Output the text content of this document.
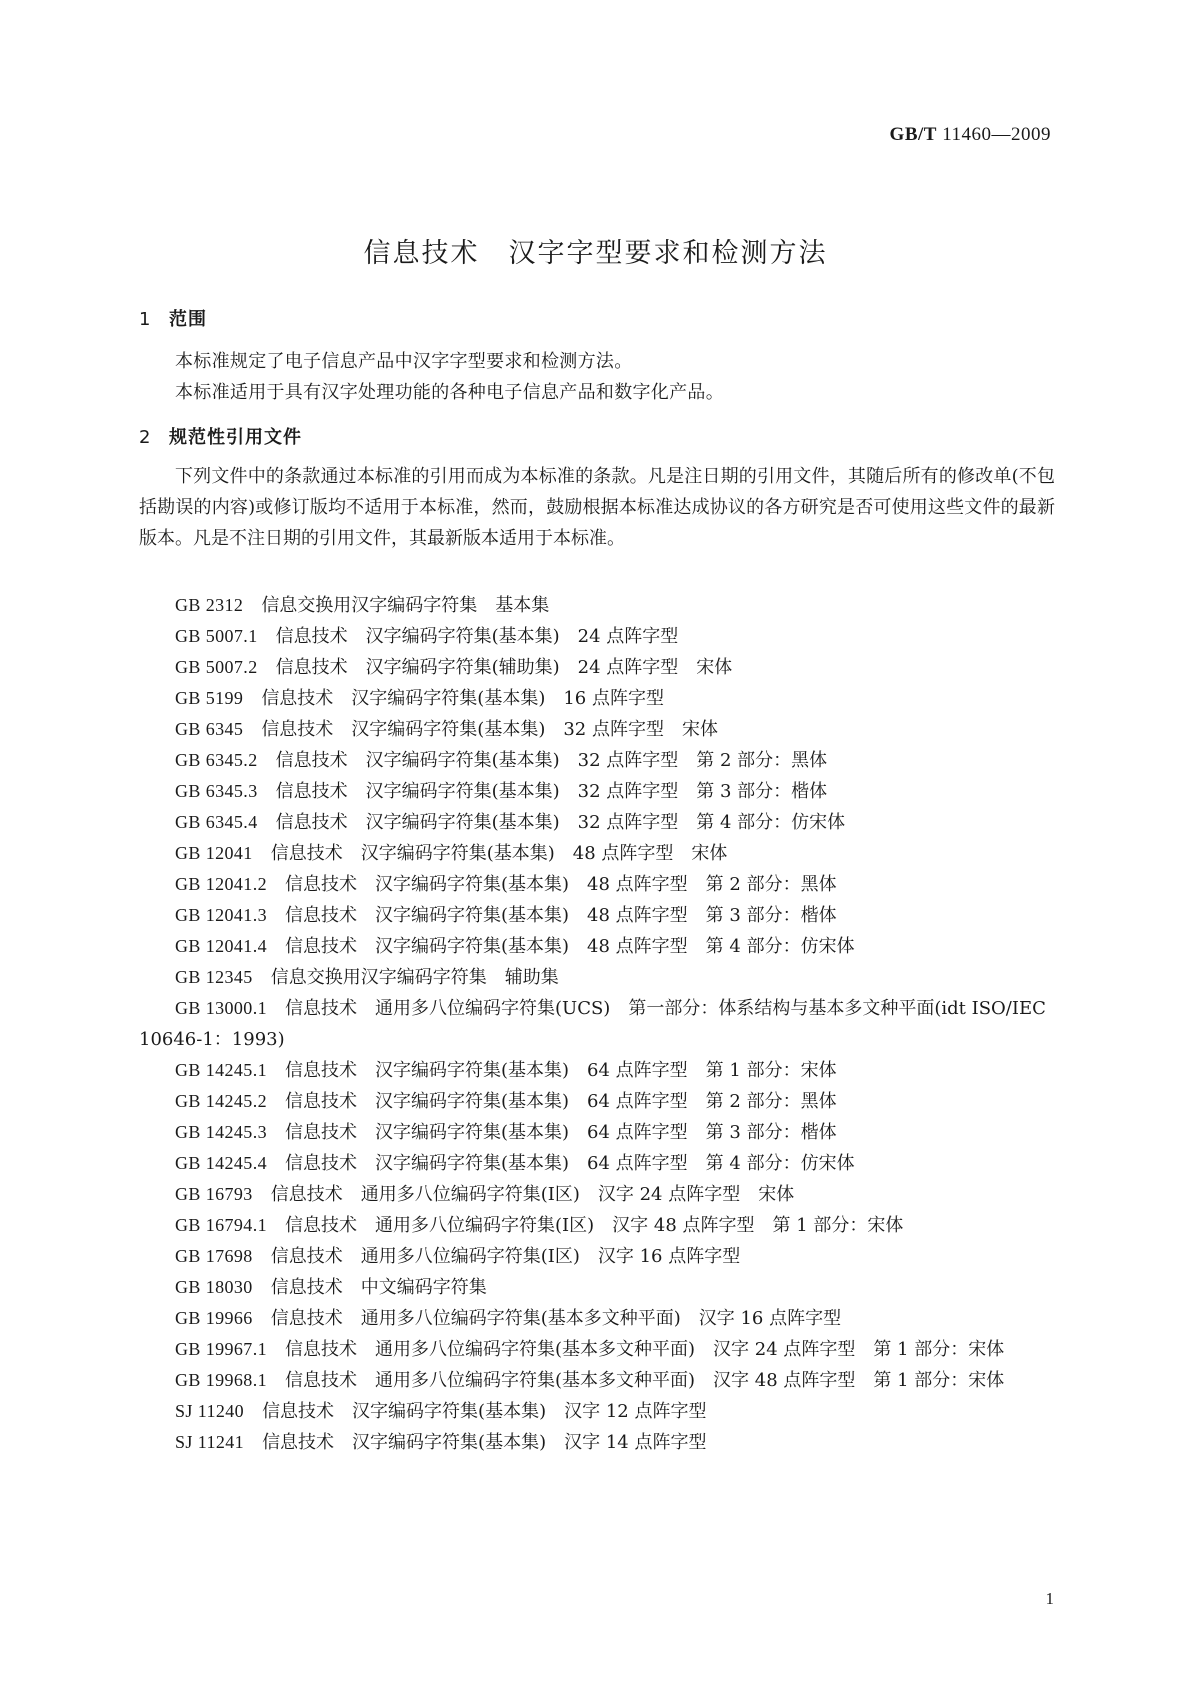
GB/T 11460—2009
信息技术　汉字字型要求和检测方法
1 范围
本标准规定了电子信息产品中汉字字型要求和检测方法。
本标准适用于具有汉字处理功能的各种电子信息产品和数字化产品。
2 规范性引用文件
下列文件中的条款通过本标准的引用而成为本标准的条款。凡是注日期的引用文件，其随后所有的修改单(不包括勘误的内容)或修订版均不适用于本标准，然而，鼓励根据本标准达成协议的各方研究是否可使用这些文件的最新版本。凡是不注日期的引用文件，其最新版本适用于本标准。
GB 2312　 信息交换用汉字编码字符集　基本集
GB 5007.1　 信息技术　汉字编码字符集(基本集)　24 点阵字型
GB 5007.2　 信息技术　汉字编码字符集(辅助集)　24 点阵字型　宋体
GB 5199　 信息技术　汉字编码字符集(基本集)　16 点阵字型
GB 6345　 信息技术　汉字编码字符集(基本集)　32 点阵字型　宋体
GB 6345.2　 信息技术　汉字编码字符集(基本集)　32 点阵字型　第 2 部分：黑体
GB 6345.3　 信息技术　汉字编码字符集(基本集)　32 点阵字型　第 3 部分：楷体
GB 6345.4　 信息技术　汉字编码字符集(基本集)　32 点阵字型　第 4 部分：仿宋体
GB 12041　 信息技术　汉字编码字符集(基本集)　48 点阵字型　宋体
GB 12041.2　 信息技术　汉字编码字符集(基本集)　48 点阵字型　第 2 部分：黑体
GB 12041.3　 信息技术　汉字编码字符集(基本集)　48 点阵字型　第 3 部分：楷体
GB 12041.4　 信息技术　汉字编码字符集(基本集)　48 点阵字型　第 4 部分：仿宋体
GB 12345　 信息交换用汉字编码字符集　辅助集
GB 13000.1　 信息技术　通用多八位编码字符集(UCS)　第一部分：体系结构与基本多文种平面(idt ISO/IEC 10646-1：1993)
GB 14245.1　 信息技术　汉字编码字符集(基本集)　64 点阵字型　第 1 部分：宋体
GB 14245.2　 信息技术　汉字编码字符集(基本集)　64 点阵字型　第 2 部分：黑体
GB 14245.3　 信息技术　汉字编码字符集(基本集)　64 点阵字型　第 3 部分：楷体
GB 14245.4　 信息技术　汉字编码字符集(基本集)　64 点阵字型　第 4 部分：仿宋体
GB 16793　 信息技术　通用多八位编码字符集(Ⅰ区)　汉字 24 点阵字型　宋体
GB 16794.1　 信息技术　通用多八位编码字符集(Ⅰ区)　汉字 48 点阵字型　第 1 部分：宋体
GB 17698　 信息技术　通用多八位编码字符集(Ⅰ区)　汉字 16 点阵字型
GB 18030　 信息技术　中文编码字符集
GB 19966　 信息技术　通用多八位编码字符集(基本多文种平面)　汉字 16 点阵字型
GB 19967.1　 信息技术　通用多八位编码字符集(基本多文种平面)　汉字 24 点阵字型　第 1 部分：宋体
GB 19968.1　 信息技术　通用多八位编码字符集(基本多文种平面)　汉字 48 点阵字型　第 1 部分：宋体
SJ 11240　 信息技术　汉字编码字符集(基本集)　汉字 12 点阵字型
SJ 11241　 信息技术　汉字编码字符集(基本集)　汉字 14 点阵字型
1
